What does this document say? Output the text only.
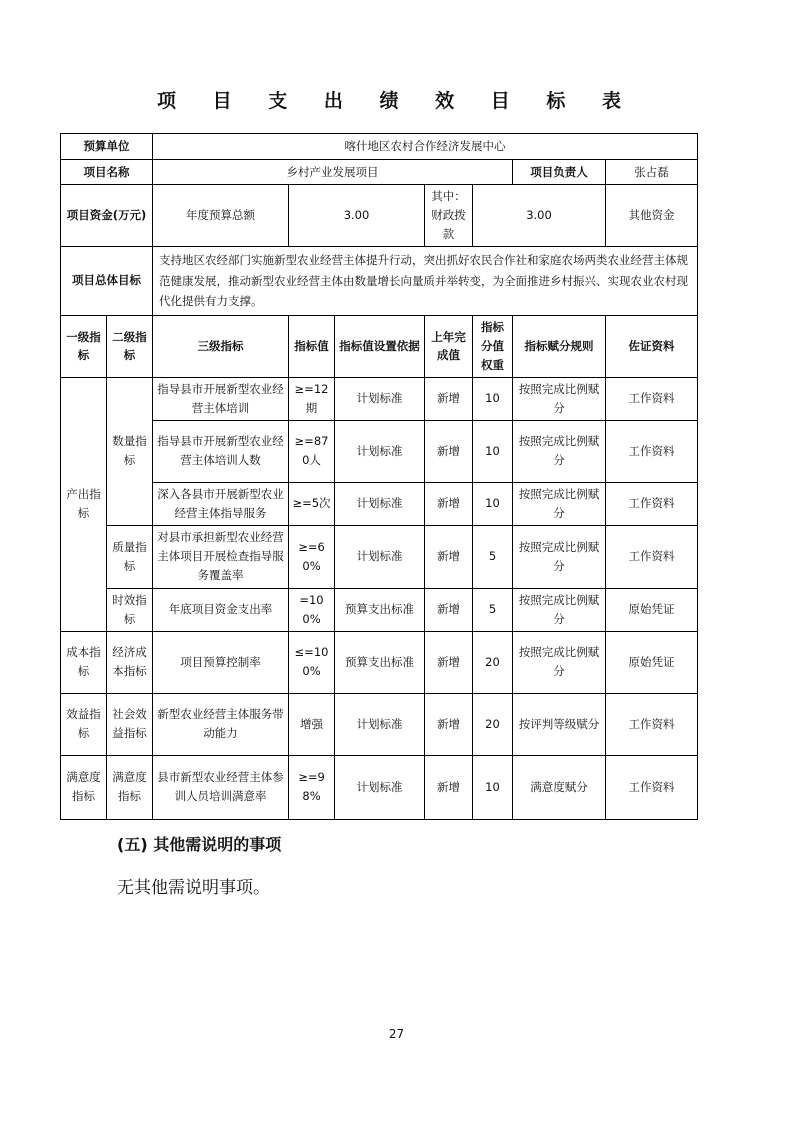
项 目 支 出 绩 效 目 标 表
预算单位		喀什地区农村合作经济发展中心						
项目名称		乡村产业发展项目					项目负责人	张占磊
项目资金(万元)		年度预算总额	3.00		其中：财政拨款	3.00		其他资金
项目总体目标		支持地区农经部门实施新型农业经营主体提升行动，突出抓好农民合作社和家庭农场两类农业经营主体规范健康发展，推动新型农业经营主体由数量增长向量质并举转变，为全面推进乡村振兴、实现农业农村现代化提供有力支撑。						
一级指标	二级指标	三级指标	指标值	指标值设置依据	上年完成值	指标分值权重	指标赋分规则	佐证资料
产出指标	数量指标	指导县市开展新型农业经营主体培训	≥=12期	计划标准	新增	10	按照完成比例赋分	工作资料
		指导县市开展新型农业经营主体培训人数	≥=870人	计划标准	新增	10	按照完成比例赋分	工作资料
		深入各县市开展新型农业经营主体指导服务	≥=5次	计划标准	新增	10	按照完成比例赋分	工作资料
	质量指标	对县市承担新型农业经营主体项目开展检查指导服务覆盖率	≥=60%	计划标准	新增	5	按照完成比例赋分	工作资料
	时效指标	年底项目资金支出率	=100%	预算支出标准	新增	5	按照完成比例赋分	原始凭证
成本指标	经济成本指标	项目预算控制率	≤=100%	预算支出标准	新增	20	按照完成比例赋分	原始凭证
效益指标	社会效益指标	新型农业经营主体服务带动能力	增强	计划标准	新增	20	按评判等级赋分	工作资料
满意度指标	满意度指标	县市新型农业经营主体参训人员培训满意率	≥=98%	计划标准	新增	10	满意度赋分	工作资料
(五) 其他需说明的事项

无其他需说明事项。

27
